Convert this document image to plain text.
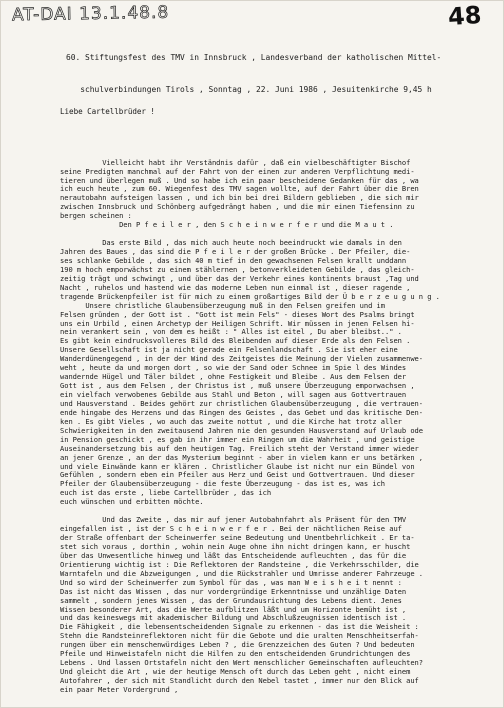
AT-DAI 13.1.48.8	48

60. Stiftungsfest des TMV in Innsbruck , Landesverband der katholischen Mittel-

schulverbindungen Tirols , Sonntag , 22. Juni 1986 , Jesuitenkirche 9,45 h

Liebe Cartellbrüder !

Vielleicht habt ihr Verständnis dafür , daß ein vielbeschäftigter Bischof
seine Predigten manchmal auf der Fahrt von der einen zur anderen Verpflichtung medi-
tieren und überlegen muß . Und so habe ich ein paar bescheidene Gedanken für das , wa
ich euch heute , zum 60. Wiegenfest des TMV sagen wollte, auf der Fahrt über die Bren
nerautobahn aufsteigen lassen , und ich bin bei drei Bildern geblieben , die sich mir
zwischen Innsbruck und Schönberg aufgedrängt haben , und die mir einen Tiefensinn zu
bergen scheinen :
Den P f e i l e r , den S c h e i n w e r f e r und die M a u t .
Das erste Bild , das mich auch heute noch beeindruckt wie damals in den
Jahren des Baues , das sind die P f e i l e r der großen Brücke . Der Pfeiler, die-
ses schlanke Gebilde , das sich 40 m tief in den gewachsenen Felsen krallt unddann
190 m hoch emporwächst zu einem stählernen , betonverkleideten Gebilde , das gleich-
zeitig trägt und schwingt , und über das der Verkehr eines kontinents braust ,Tag und
Nacht , ruhelos und hastend wie das moderne Leben nun einmal ist , dieser ragende ,
tragende Brückenpfeiler ist für mich zu einem großartiges Bild der Ü b e r z e u g u n g .
Unsere christliche Glaubensüberzeugung muß in den Felsen greifen und im
Felsen gründen , der Gott ist . "Gott ist mein Fels" - dieses Wort des Psalms bringt
uns ein Urbild , einen Archetyp der Heiligen Schrift. Wir müssen in jenen Felsen hi-
nein verankert sein , von dem es heißt : " Alles ist eitel , Du aber bleibst.." .
Es gibt kein eindrucksvolleres Bild des Bleibenden auf dieser Erde als den Felsen .
Unsere Gesellschaft ist ja nicht gerade ein Felsenlandschaft . Sie ist eher eine
Wanderdünengegend , in der der Wind des Zeitgeistes die Meinung der Vielen zusammenwe-
weht , heute da und morgen dort , so wie der Sand oder Schnee im Spie l des Windes
wandernde Hügel und Täler bildet , ohne Festigkeit und Bleibe . Aus dem Felsen der
Gott ist , aus dem Felsen , der Christus ist , muß unsere Überzeugung emporwachsen ,
ein vielfach verwobenes Gebilde aus Stahl und Beton , will sagen aus Gottvertrauen
und Hausverstand . Beides gehört zur christlichen Glaubensüberzeugung , die vertrauen-
ende hingabe des Herzens und das Ringen des Geistes , das Gebet und das kritische Den-
ken . Es gibt Vieles , wo auch das zweite nottut , und die Kirche hat trotz aller
Schwierigkeiten in den zweitausend Jahren nie den gesunden Hausverstand auf Urlaub ode
in Pension geschickt , es gab in ihr immer ein Ringen um die Wahrheit , und geistige
Auseinandersetzung bis auf den heutigen Tag. Freilich steht der Verstand immer wieder
an jener Grenze , an der das Mysterium beginnt - aber in vielem kann er uns betärken ,
und viele Einwände kann er klären . Christlicher Glaube ist nicht nur ein Bündel von
Gefühlen , sondern eben ein Pfeiler aus Herz und Geist und Gottvertrauen. Und dieser
Pfeiler der Glaubensüberzeugung - die feste Überzeugung - das ist es, was ich
euch ist das erste , liebe Cartellbrüder , das ich
euch wünschen und erbitten möchte.
Und das Zweite , das mir auf jener Autobahnfahrt als Präsent für den TMV
eingefallen ist , ist der S c h e i n w e r f e r . Bei der nächtlichen Reise auf
der Straße offenbart der Scheinwerfer seine Bedeutung und Unentbehrlichkeit . Er ta-
stet sich voraus , dorthin , wohin nein Auge ohne ihn nicht dringen kann, er huscht
über das Unwesentliche hinweg und läßt das Entscheidende aufleuchten , das für die
Orientierung wichtig ist : Die Reflektoren der Randsteine , die Verkehrsschilder, die
Warntafeln und die Abzweigungen , und die Rückstrahler und Umrisse anderer Fahrzeuge .
Und so wird der Scheinwerfer zum Symbol für das , was man W e i s h e i t nennt :
Das ist nicht das Wissen , das nur vordergründige Erkenntnisse und unzählige Daten
sammelt , sondern jenes Wissen , das der Grundausrichtung des Lebens dient. Jenes
Wissen besonderer Art, das die Werte aufblitzen läßt und um Horizonte bemüht ist ,
und das keineswegs mit akademischer Bildung und Abschlußzeugnissen identisch ist .
Die Fähigkeit , die lebensentscheidenden Signale zu erkennen - das ist die Weisheit :
Stehn die Randsteinreflektoren nicht für die Gebote und die uralten Menschheitserfah-
rungen über ein menschenwürdiges Leben ? , die Grenzzeichen des Guten ? Und bedeuten
Pfeile und Hinweistafeln nicht die Hilfen zu den entscheidenden Grundrichtungen des
Lebens . Und lassen Ortstafeln nicht den Wert menschlicher Gemeinschaften aufleuchten?
Und gleicht die Art , wie der heutige Mensch oft durch das Leben geht , nicht einem
Autofahrer , der sich mit Standlicht durch den Nebel tastet , immer nur den Blick auf
ein paar Meter Vordergrund ,
